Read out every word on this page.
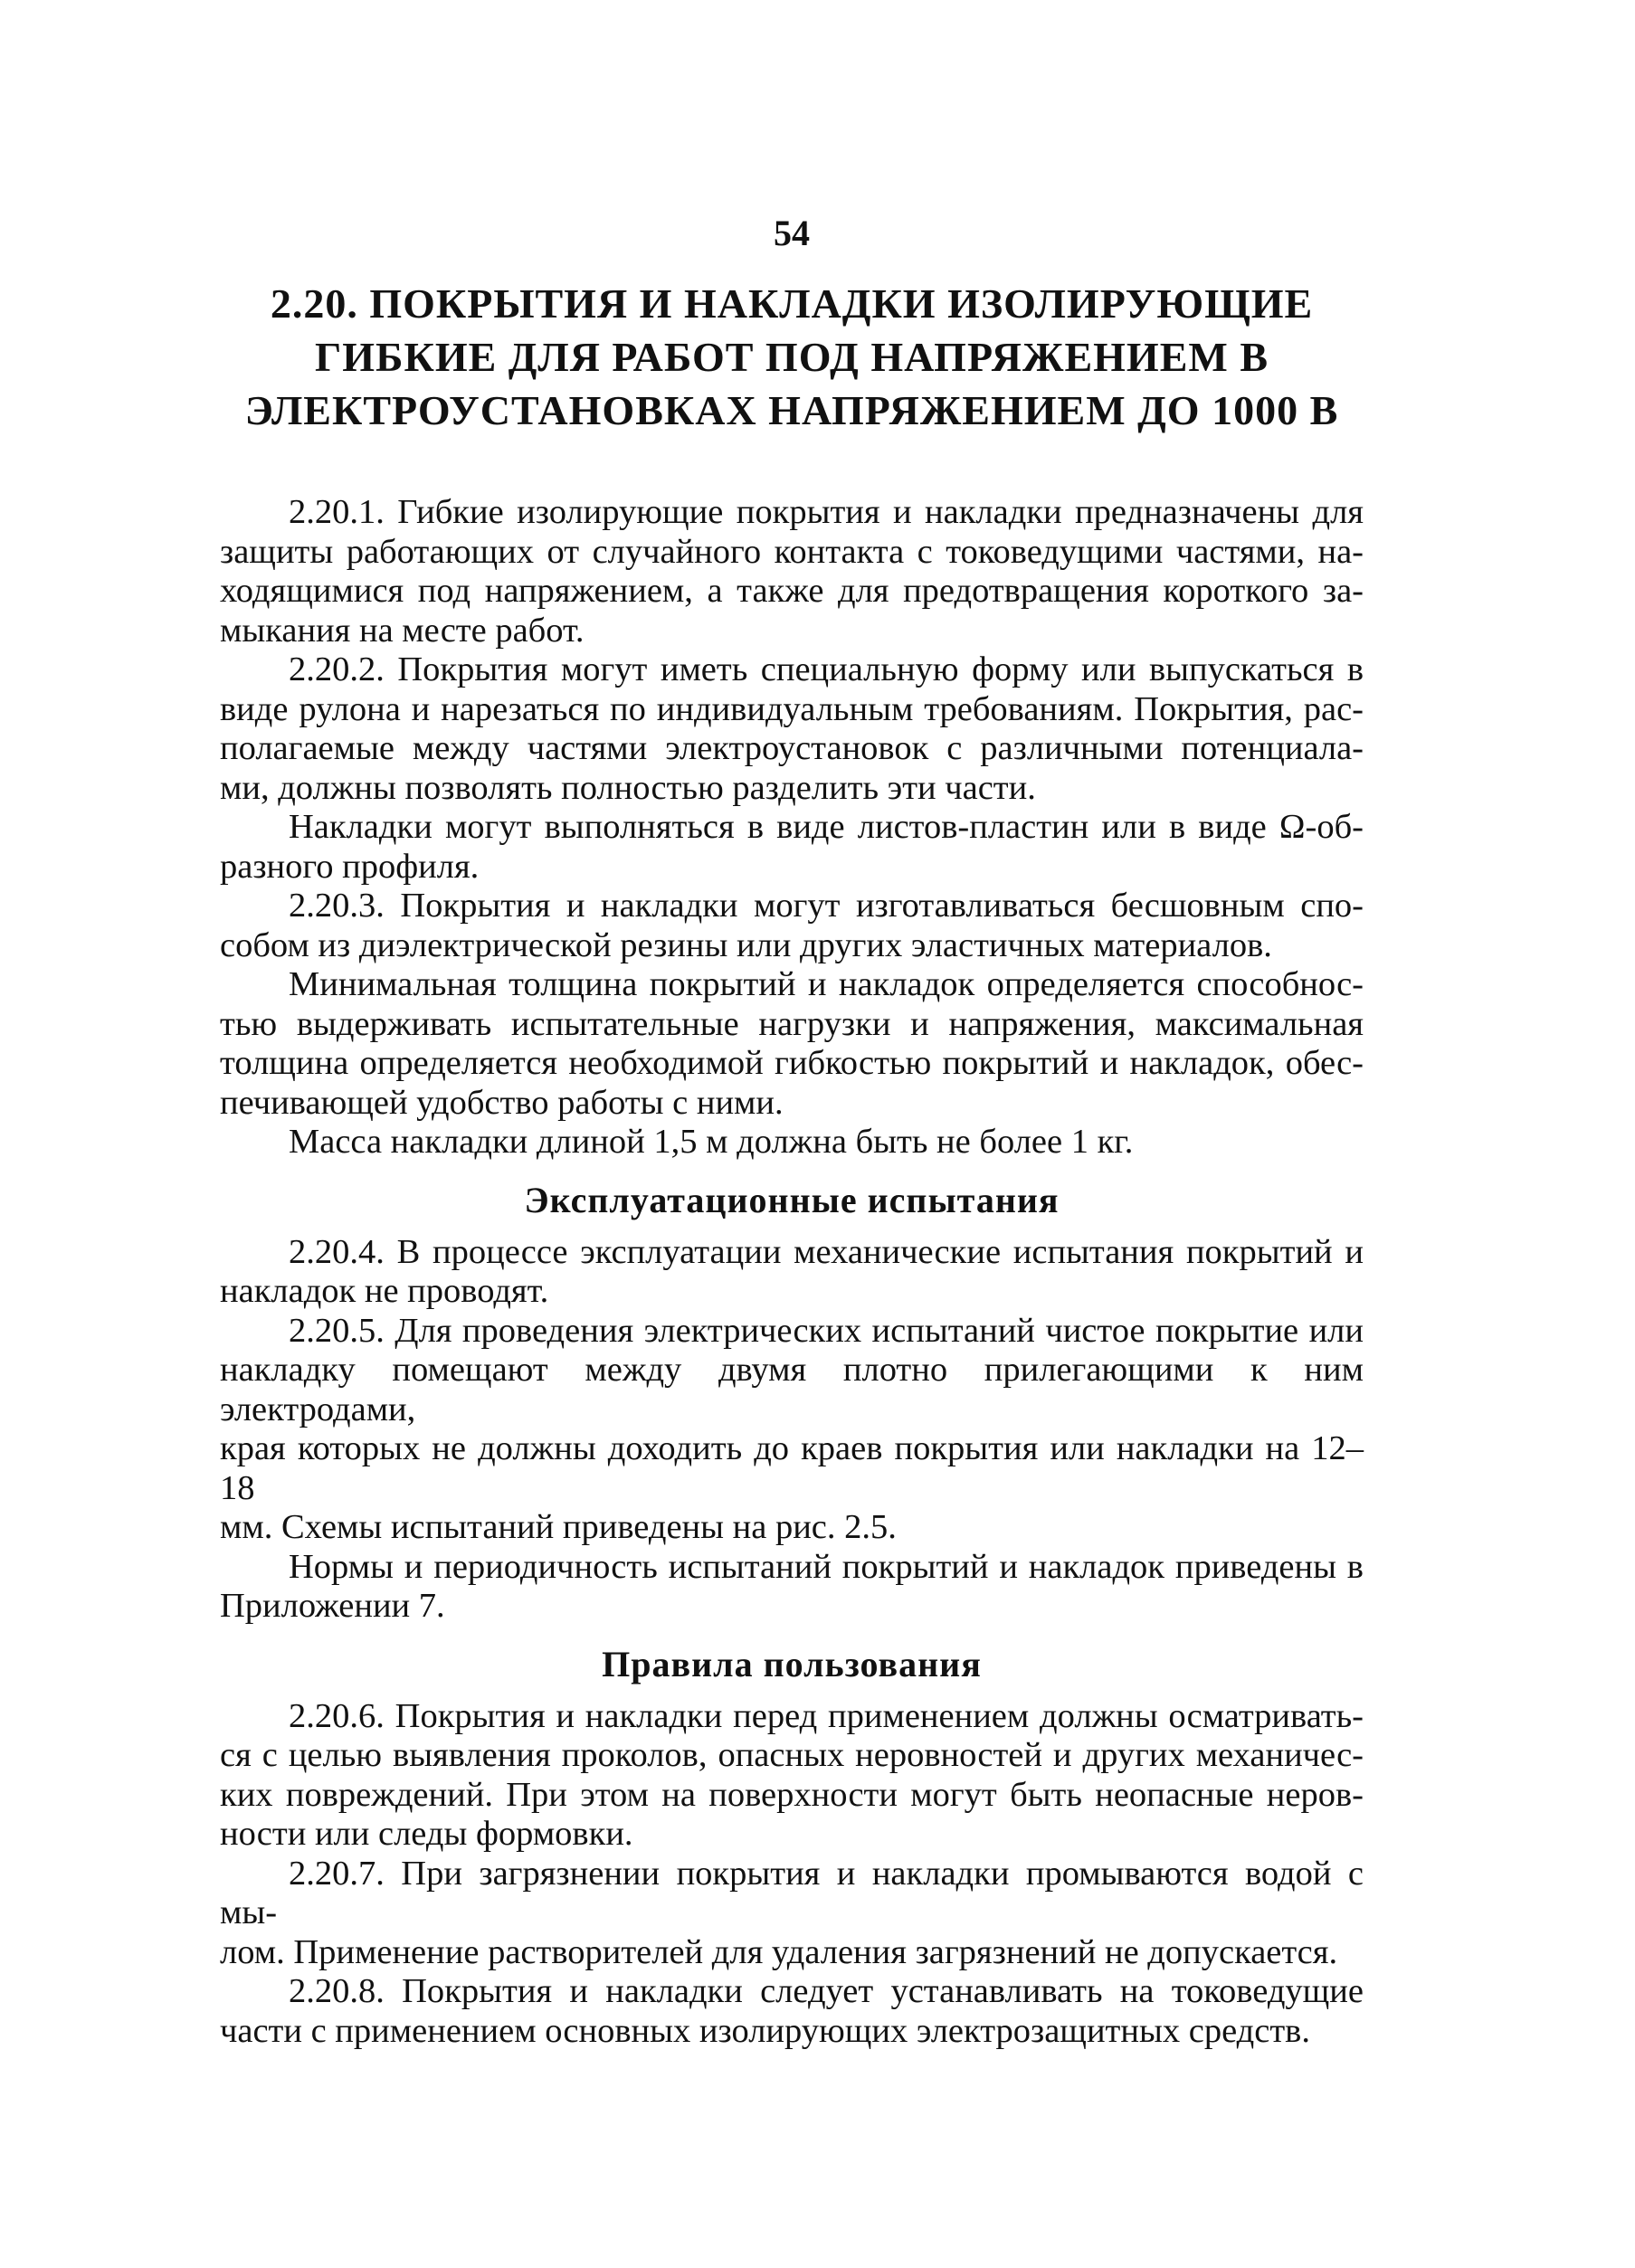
54
2.20. ПОКРЫТИЯ И НАКЛАДКИ ИЗОЛИРУЮЩИЕ
ГИБКИЕ ДЛЯ РАБОТ ПОД НАПРЯЖЕНИЕМ В
ЭЛЕКТРОУСТАНОВКАХ НАПРЯЖЕНИЕМ ДО 1000 В

2.20.1. Гибкие изолирующие покрытия и накладки предназначены для
защиты работающих от случайного контакта с токоведущими частями, на-
ходящимися под напряжением, а также для предотвращения короткого за-
мыкания на месте работ.

2.20.2. Покрытия могут иметь специальную форму или выпускаться в
виде рулона и нарезаться по индивидуальным требованиям. Покрытия, рас-
полагаемые между частями электроустановок с различными потенциала-
ми, должны позволять полностью разделить эти части.

Накладки могут выполняться в виде листов-пластин или в виде Ω-об-
разного профиля.

2.20.3. Покрытия и накладки могут изготавливаться бесшовным спо-
собом из диэлектрической резины или других эластичных материалов.

Минимальная толщина покрытий и накладок определяется способнос-
тью выдерживать испытательные нагрузки и напряжения, максимальная
толщина определяется необходимой гибкостью покрытий и накладок, обес-
печивающей удобство работы с ними.

Масса накладки длиной 1,5 м должна быть не более 1 кг.

Эксплуатационные испытания

2.20.4. В процессе эксплуатации механические испытания покрытий и
накладок не проводят.

2.20.5. Для проведения электрических испытаний чистое покрытие или
накладку помещают между двумя плотно прилегающими к ним электродами,
края которых не должны доходить до краев покрытия или накладки на 12–18
мм. Схемы испытаний приведены на рис. 2.5.

Нормы и периодичность испытаний покрытий и накладок приведены в
Приложении 7.

Правила пользования

2.20.6. Покрытия и накладки перед применением должны осматривать-
ся с целью выявления проколов, опасных неровностей и других механичес-
ких повреждений. При этом на поверхности могут быть неопасные неров-
ности или следы формовки.

2.20.7. При загрязнении покрытия и накладки промываются водой с мы-
лом. Применение растворителей для удаления загрязнений не допускается.

2.20.8. Покрытия и накладки следует устанавливать на токоведущие
части с применением основных изолирующих электрозащитных средств.
